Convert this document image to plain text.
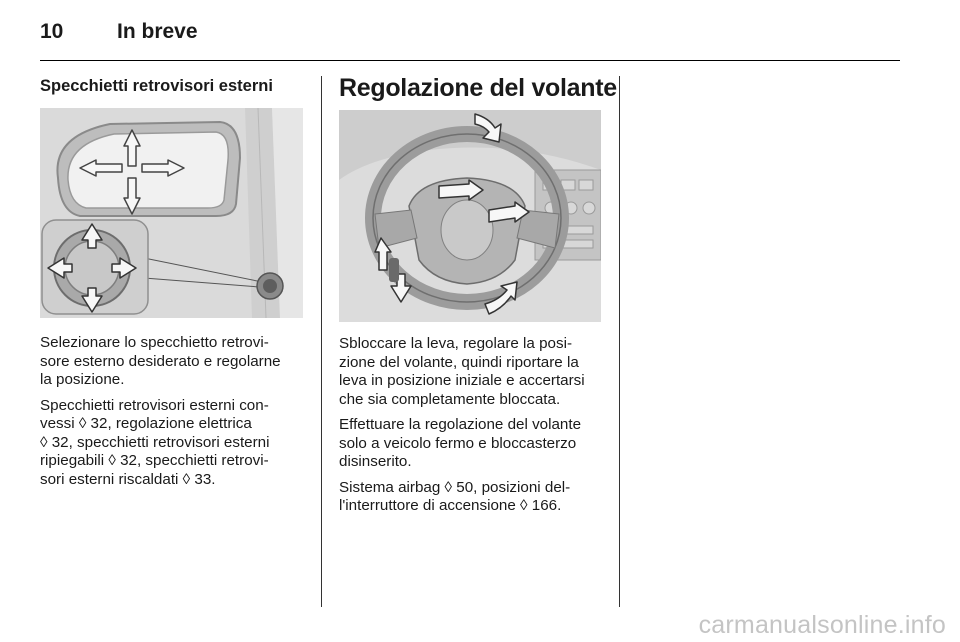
10	In breve
Specchietti retrovisori esterni

Selezionare lo specchietto retrovi-
sore esterno desiderato e regolarne
la posizione.

Specchietti retrovisori esterni con-
vessi ◊ 32, regolazione elettrica
◊ 32, specchietti retrovisori esterni
ripiegabili ◊ 32, specchietti retrovi-
sori esterni riscaldati ◊ 33.

Regolazione del volante

Sbloccare la leva, regolare la posi-
zione del volante, quindi riportare la
leva in posizione iniziale e accertarsi
che sia completamente bloccata.

Effettuare la regolazione del volante
solo a veicolo fermo e bloccasterzo
disinserito.

Sistema airbag ◊ 50, posizioni del-
l'interruttore di accensione ◊ 166.

carmanualsonline.info
